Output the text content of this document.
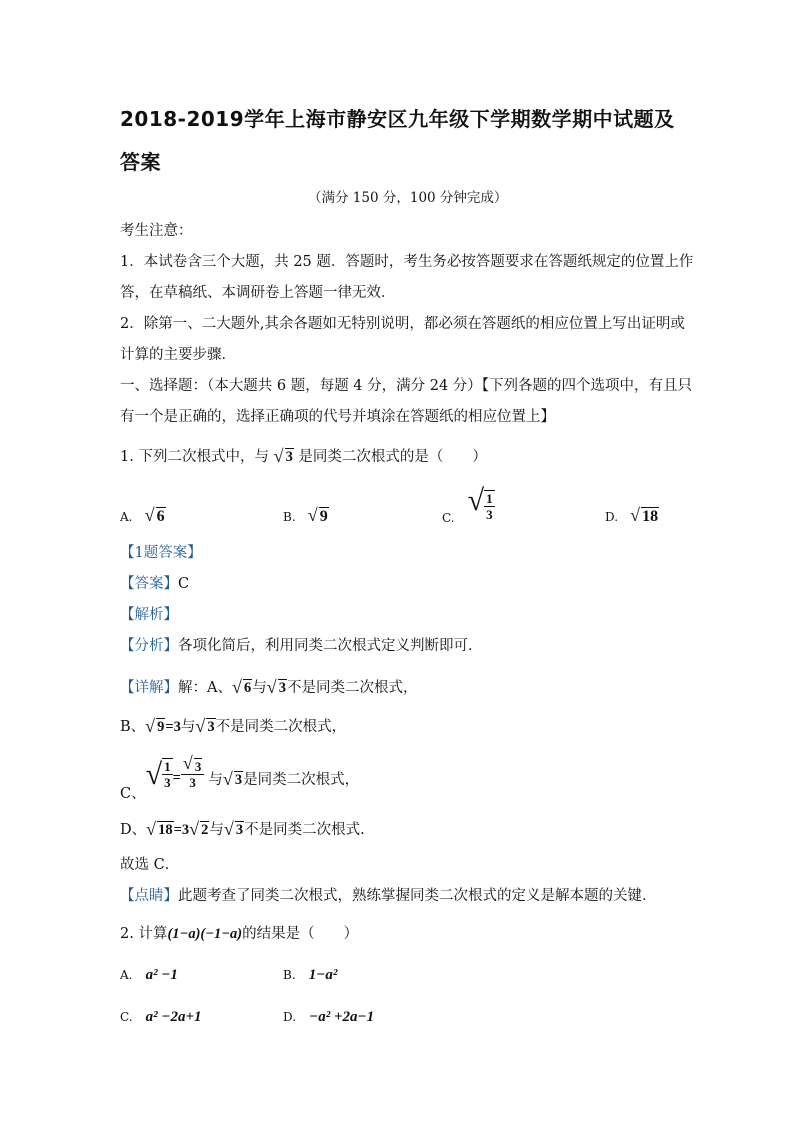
2018-2019学年上海市静安区九年级下学期数学期中试题及
答案
（满分 150 分，100 分钟完成）
考生注意：
1．本试卷含三个大题，共 25 题．答题时，考生务必按答题要求在答题纸规定的位置上作
答，在草稿纸、本调研卷上答题一律无效．
2．除第一、二大题外,其余各题如无特别说明，都必须在答题纸的相应位置上写出证明或
计算的主要步骤．
一、选择题：（本大题共 6 题，每题 4 分，满分 24 分）【下列各题的四个选项中，有且只
有一个是正确的，选择正确项的代号并填涂在答题纸的相应位置上】
1. 下列二次根式中，与 √ 3 是同类二次根式的是（　　）
A. √ 6	B. √ 9	$_{C.}$ √ $\frac{1}{3}$	D. √ 18
【1题答案】
【答案】C
【解析】
【分析】各项化简后，利用同类二次根式定义判断即可．
【详解】解：A、 √ 6与 √ 3不是同类二次根式，
B、 √ 9=3与 √ 3不是同类二次根式，
C、√ $\frac{1}{3}$ = √ $\frac{3}{3}$ 与 √ 3是同类二次根式，
D、 √ 18=3 √ 2与 √ 3不是同类二次根式.
故选 C．
【点睛】此题考查了同类二次根式，熟练掌握同类二次根式的定义是解本题的关键．
2. 计算(1−a)(−1−a)的结果是（　　）
A. a² −1	B. 1−a²
C. a² −2a+1	D. −a² +2a−1
